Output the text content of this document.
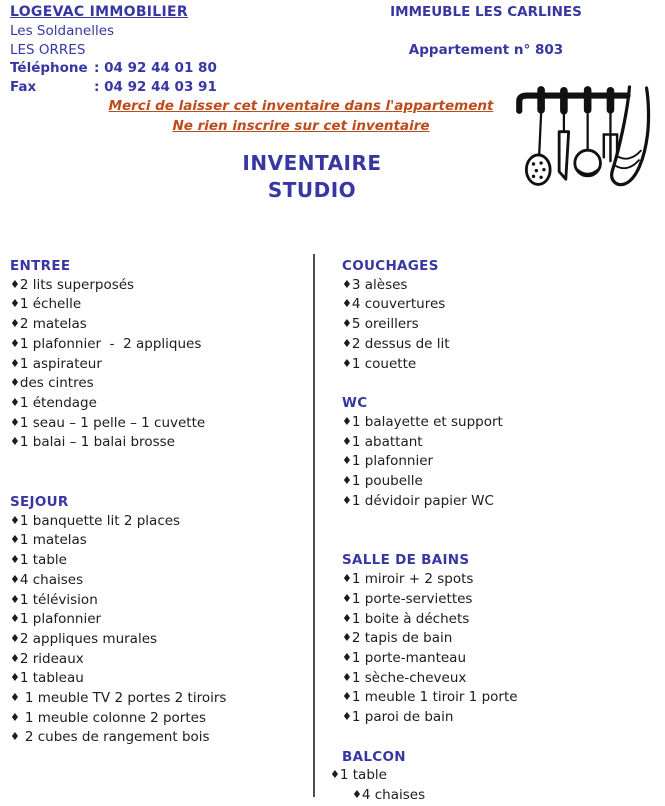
LOGEVAC IMMOBILIER
Les Soldanelles
LES ORRES
Téléphone : 04 92 44 01 80
Fax	: 04 92 44 03 91
IMMEUBLE LES CARLINES
Appartement n° 803
Merci de laisser cet inventaire dans l'appartement
Ne rien inscrire sur cet inventaire
INVENTAIRE
STUDIO
ENTREE
♦2 lits superposés
♦1 échelle
♦2 matelas
♦1 plafonnier  -  2 appliques
♦1 aspirateur
♦des cintres
♦1 étendage
♦1 seau – 1 pelle – 1 cuvette
♦1 balai – 1 balai brosse
SEJOUR
♦1 banquette lit 2 places
♦1 matelas
♦1 table
♦4 chaises
♦1 télévision
♦1 plafonnier
♦2 appliques murales
♦2 rideaux
♦1 tableau
♦ 1 meuble TV 2 portes 2 tiroirs
♦ 1 meuble colonne 2 portes
♦ 2 cubes de rangement bois
COUCHAGES
♦3 alèses
♦4 couvertures
♦5 oreillers
♦2 dessus de lit
♦1 couette
WC
♦1 balayette et support
♦1 abattant
♦1 plafonnier
♦1 poubelle
♦1 dévidoir papier WC
SALLE DE BAINS
♦1 miroir + 2 spots
♦1 porte-serviettes
♦1 boite à déchets
♦2 tapis de bain
♦1 porte-manteau
♦1 sèche-cheveux
♦1 meuble 1 tiroir 1 porte
♦1 paroi de bain
BALCON
♦1 table
♦4 chaises
